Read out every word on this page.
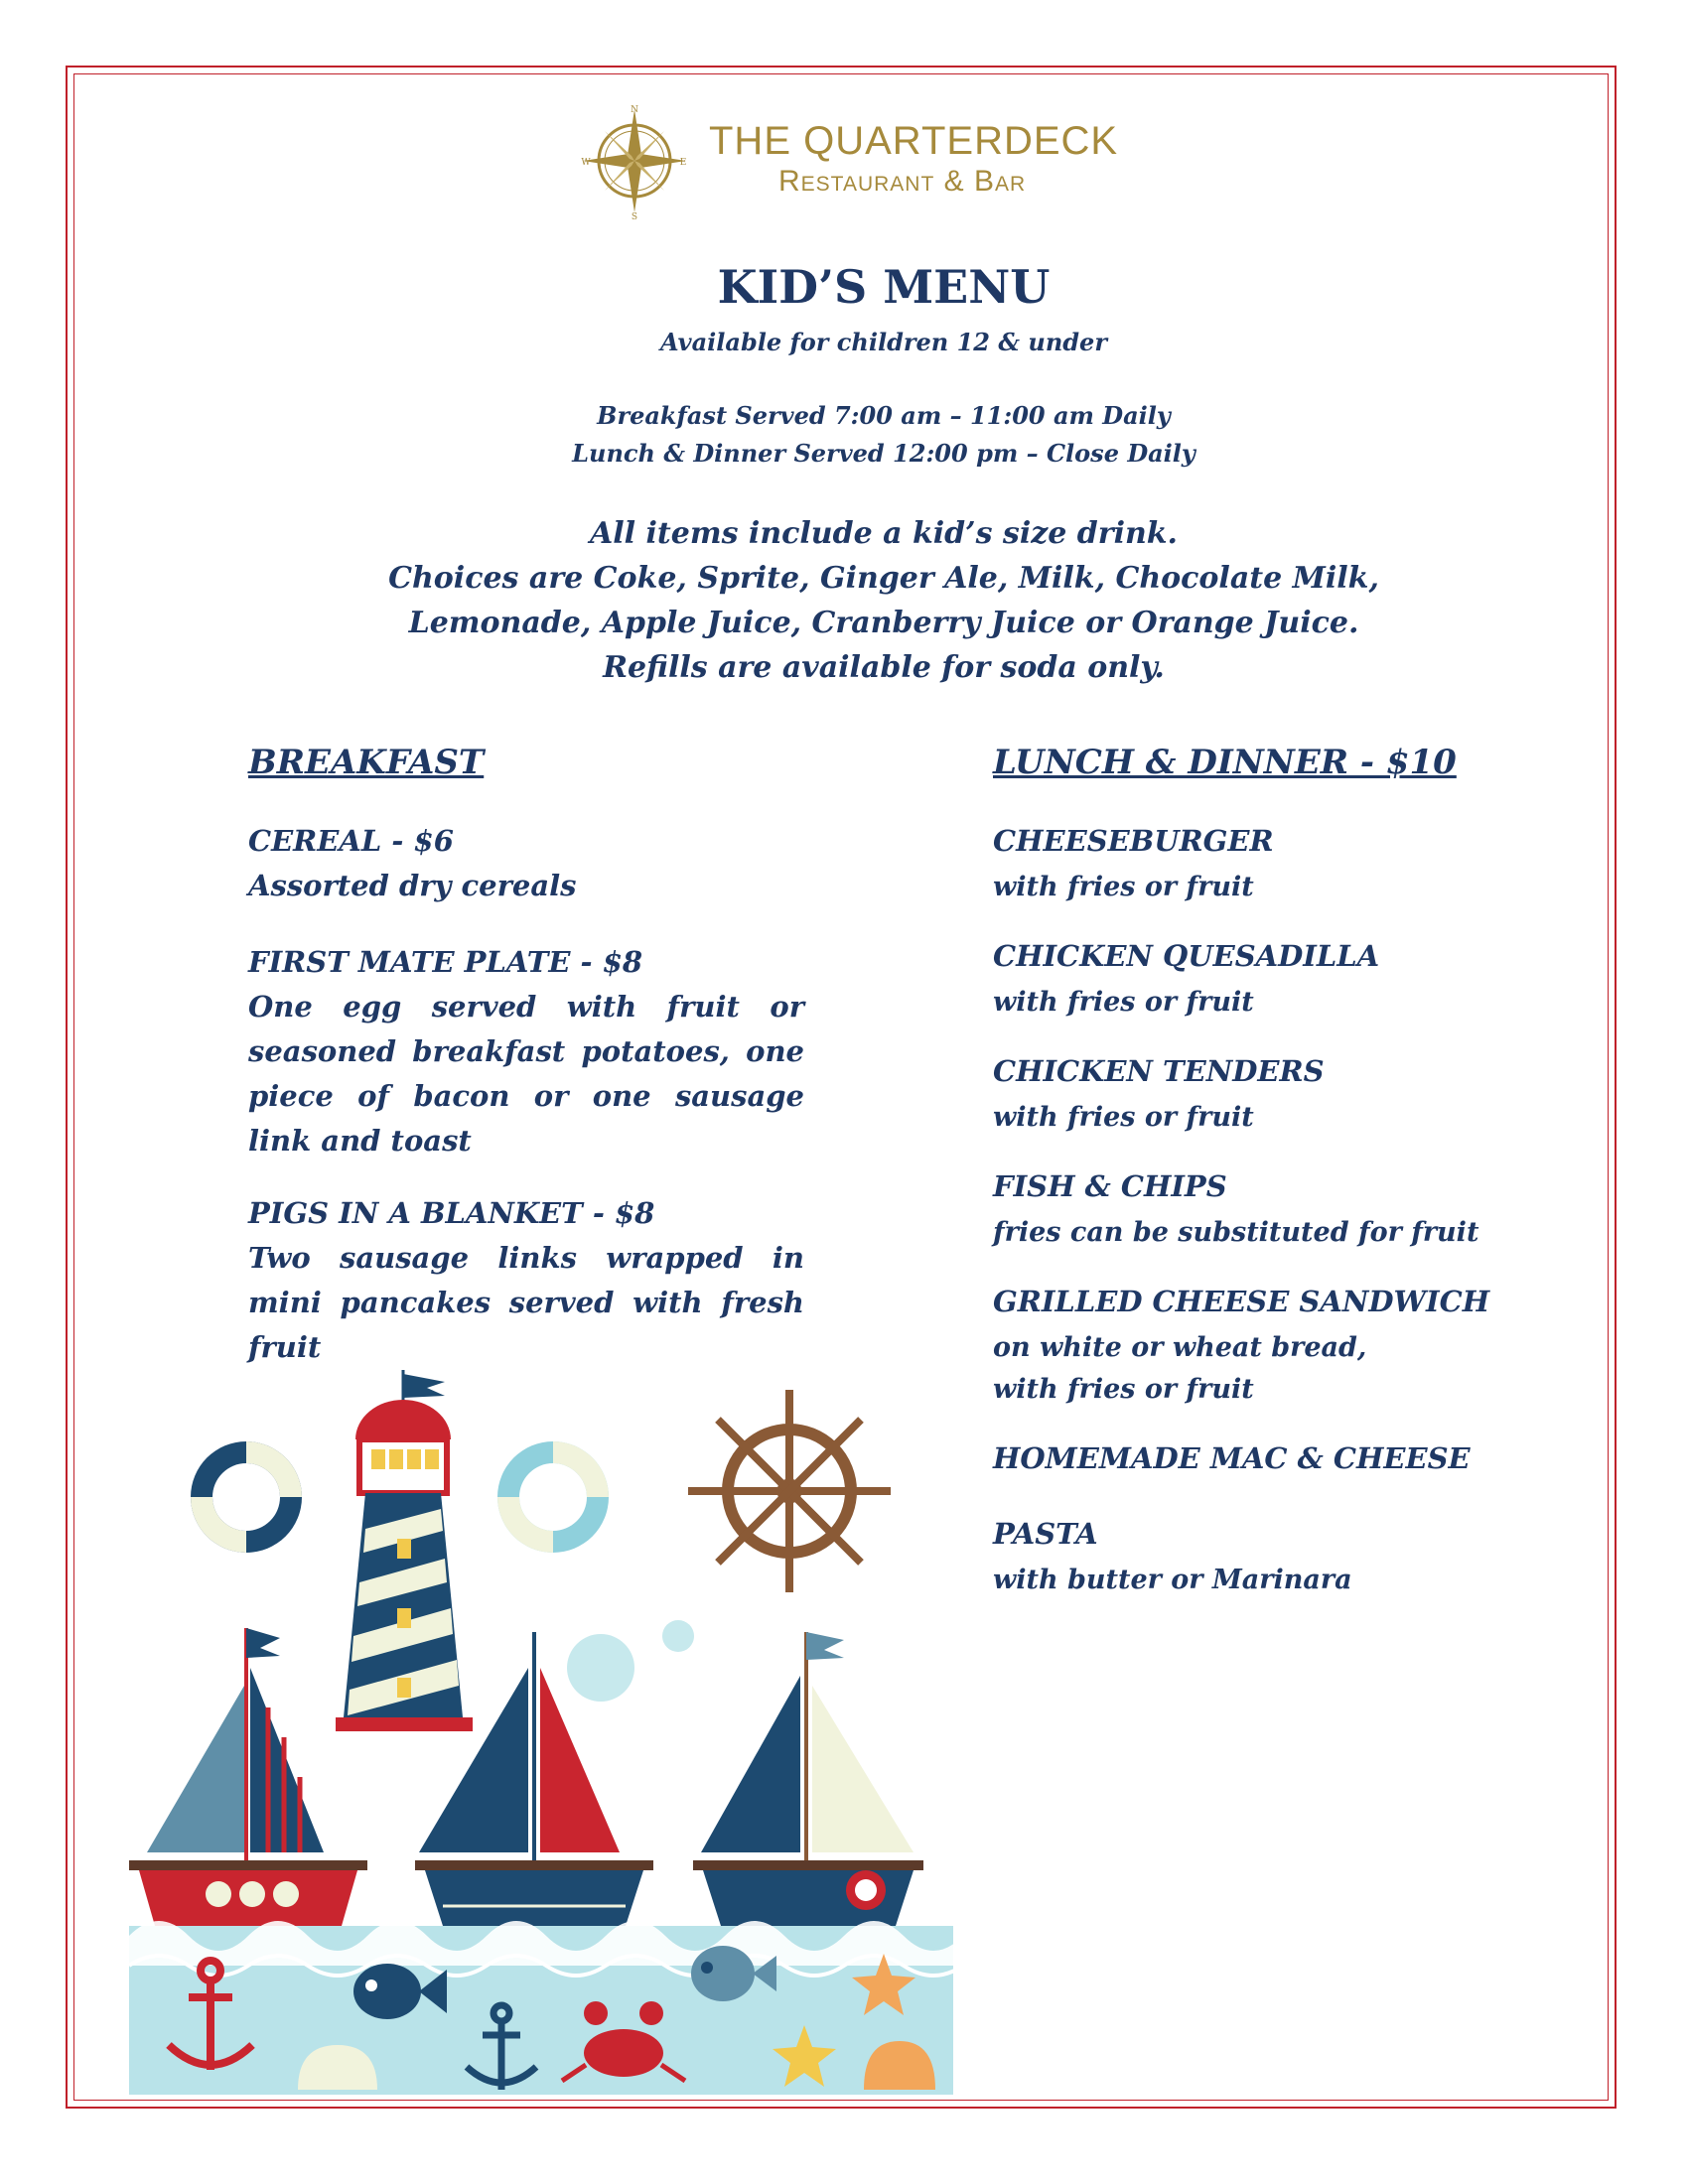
N
E
S
W	THE QUARTERDECK
Restaurant & Bar
KID’S MENU
Available for children 12 & under
Breakfast Served 7:00 am – 11:00 am Daily
Lunch & Dinner Served 12:00 pm – Close Daily
All items include a kid’s size drink.
Choices are Coke, Sprite, Ginger Ale, Milk, Chocolate Milk,
Lemonade, Apple Juice, Cranberry Juice or Orange Juice.
Refills are available for soda only.
BREAKFAST
CEREAL - $6
Assorted dry cereals
FIRST MATE PLATE - $8
One egg served with fruit or seasoned breakfast potatoes, one piece of bacon or one sausage link and toast
PIGS IN A BLANKET - $8
Two sausage links wrapped in mini pancakes served with fresh fruit
LUNCH & DINNER - $10
CHEESEBURGER
with fries or fruit
CHICKEN QUESADILLA
with fries or fruit
CHICKEN TENDERS
with fries or fruit
FISH & CHIPS
fries can be substituted for fruit
GRILLED CHEESE SANDWICH
on white or wheat bread,
with fries or fruit
HOMEMADE MAC & CHEESE
PASTA
with butter or Marinara
